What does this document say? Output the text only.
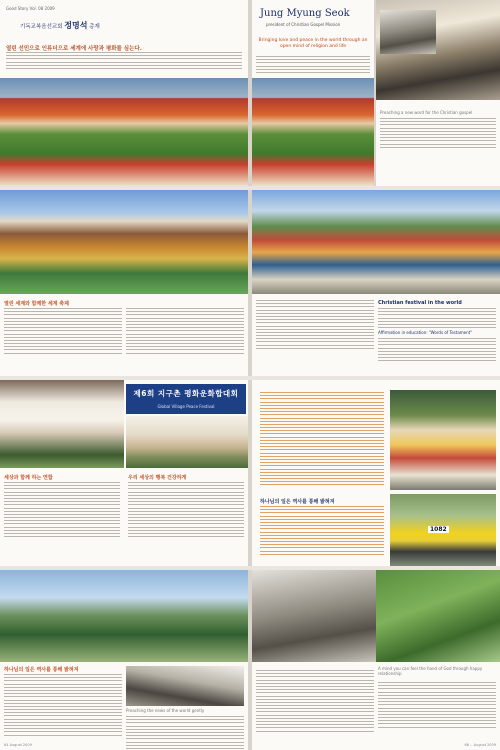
Good Story Vol. 08 2009
기독교복음선교회 정명석 총재
열린 선민으로 인류더으로 세계에 사랑과 평화를 심는다.
Jung Myung Seok
president of Christian Gospel Mission
Bringing love and peace in the world through an open mind of religion and life
Preaching a new word for the Christian gospel
열린 세계와 함께한 세계 축제	Christian festival in the world
Affirmation in education: "Words of Testament"
제6회 지구촌 평화운화합대회
Global Village Peace Festival
세상과 함께 하는 연합	우리 세상의 행복 건강하게
하나님의 일은 역사를 통해 밝혀져
1082
하나님의 일은 역사를 통해 밝혀져
Preaching the news of the world gently
64 August 2009
A mind you can feel the hand of God through happy relationship
66 -- August 2009
